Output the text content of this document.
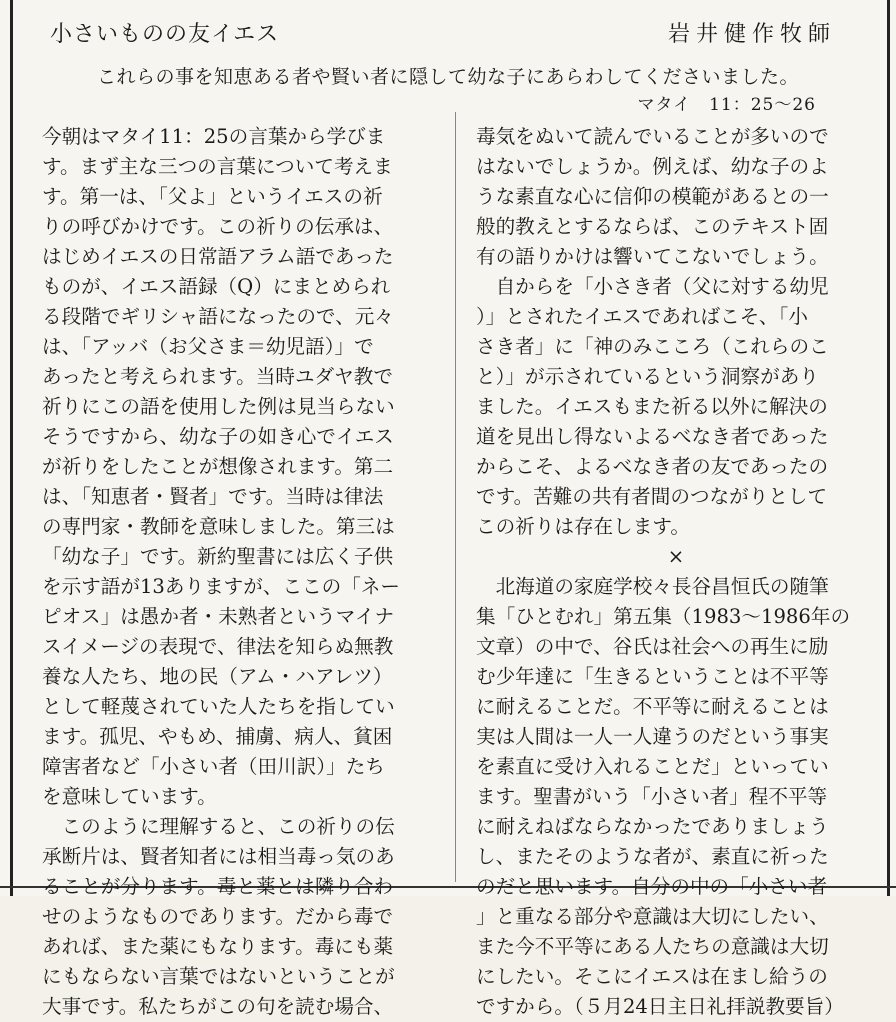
小さいものの友イエス	岩井健作牧師
これらの事を知恵ある者や賢い者に隠して幼な子にあらわしてくださいました。
マタイ　11：25〜26

今朝はマタイ11：25の言葉から学びま

す。まず主な三つの言葉について考えま

す。第一は、「父よ」というイエスの祈

りの呼びかけです。この祈りの伝承は、

はじめイエスの日常語アラム語であった

ものが、イエス語録（Q）にまとめられ

る段階でギリシャ語になったので、元々

は、「アッバ（お父さま＝幼児語）」で

あったと考えられます。当時ユダヤ教で

祈りにこの語を使用した例は見当らない

そうですから、幼な子の如き心でイエス

が祈りをしたことが想像されます。第二

は、「知恵者・賢者」です。当時は律法

の専門家・教師を意味しました。第三は

「幼な子」です。新約聖書には広く子供

を示す語が13ありますが、ここの「ネー

ピオス」は愚か者・未熟者というマイナ

スイメージの表現で、律法を知らぬ無教

養な人たち、地の民（アム・ハアレツ）

として軽蔑されていた人たちを指してい

ます。孤児、やもめ、捕虜、病人、貧困

障害者など「小さい者（田川訳）」たち

を意味しています。

　このように理解すると、この祈りの伝

承断片は、賢者知者には相当毒っ気のあ

ることが分ります。毒と薬とは隣り合わ

せのようなものであります。だから毒で

あれば、また薬にもなります。毒にも薬

にもならない言葉ではないということが

大事です。私たちがこの句を読む場合、

毒気をぬいて読んでいることが多いので

はないでしょうか。例えば、幼な子のよ

うな素直な心に信仰の模範があるとの一

般的教えとするならば、このテキスト固

有の語りかけは響いてこないでしょう。

　自からを「小さき者（父に対する幼児

）」とされたイエスであればこそ、「小

さき者」に「神のみこころ（これらのこ

と）」が示されているという洞察があり

ました。イエスもまた祈る以外に解決の

道を見出し得ないよるべなき者であった

からこそ、よるべなき者の友であったの

です。苦難の共有者間のつながりとして

この祈りは存在します。

×

　北海道の家庭学校々長谷昌恒氏の随筆

集「ひとむれ」第五集（1983〜1986年の

文章）の中で、谷氏は社会への再生に励

む少年達に「生きるということは不平等

に耐えることだ。不平等に耐えることは

実は人間は一人一人違うのだという事実

を素直に受け入れることだ」といってい

ます。聖書がいう「小さい者」程不平等

に耐えねばならなかったでありましょう

し、またそのような者が、素直に祈った

のだと思います。自分の中の「小さい者

」と重なる部分や意識は大切にしたい、

また今不平等にある人たちの意識は大切

にしたい。そこにイエスは在まし給うの

ですから。（５月24日主日礼拝説教要旨）
